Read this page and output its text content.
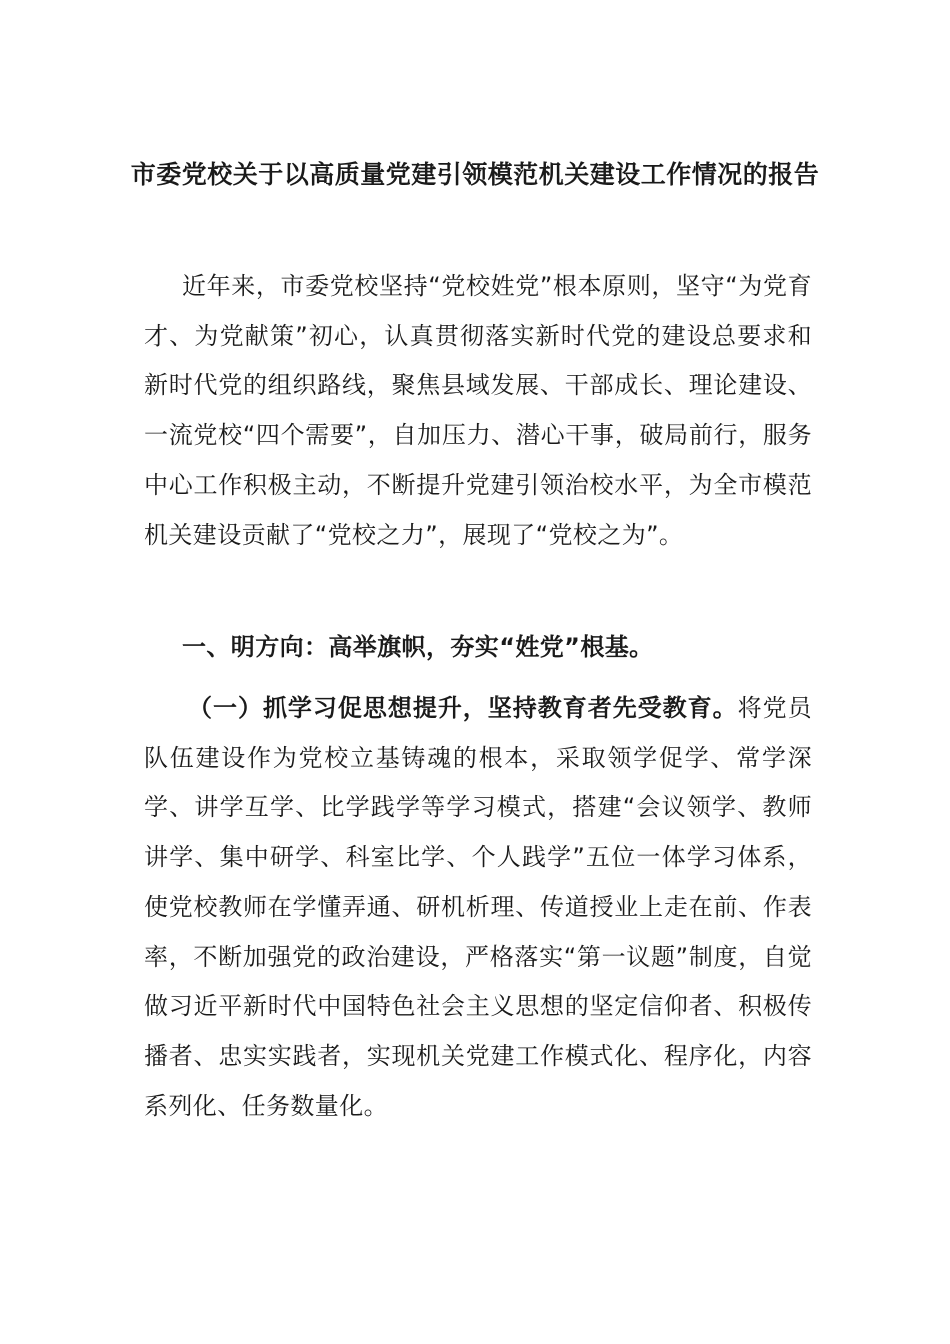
市委党校关于以高质量党建引领模范机关建设工作情况的报告

近年来，市委党校坚持“党校姓党”根本原则，坚守“为党育才、为党献策”初心，认真贯彻落实新时代党的建设总要求和新时代党的组织路线，聚焦县域发展、干部成长、理论建设、一流党校“四个需要”，自加压力、潜心干事，破局前行，服务中心工作积极主动，不断提升党建引领治校水平，为全市模范机关建设贡献了“党校之力”，展现了“党校之为”。

一、明方向：高举旗帜，夯实“姓党”根基。

（一）抓学习促思想提升，坚持教育者先受教育。将党员队伍建设作为党校立基铸魂的根本，采取领学促学、常学深学、讲学互学、比学践学等学习模式，搭建“会议领学、教师讲学、集中研学、科室比学、个人践学”五位一体学习体系，使党校教师在学懂弄通、研机析理、传道授业上走在前、作表率，不断加强党的政治建设，严格落实“第一议题”制度，自觉做习近平新时代中国特色社会主义思想的坚定信仰者、积极传播者、忠实实践者，实现机关党建工作模式化、程序化，内容系列化、任务数量化。
